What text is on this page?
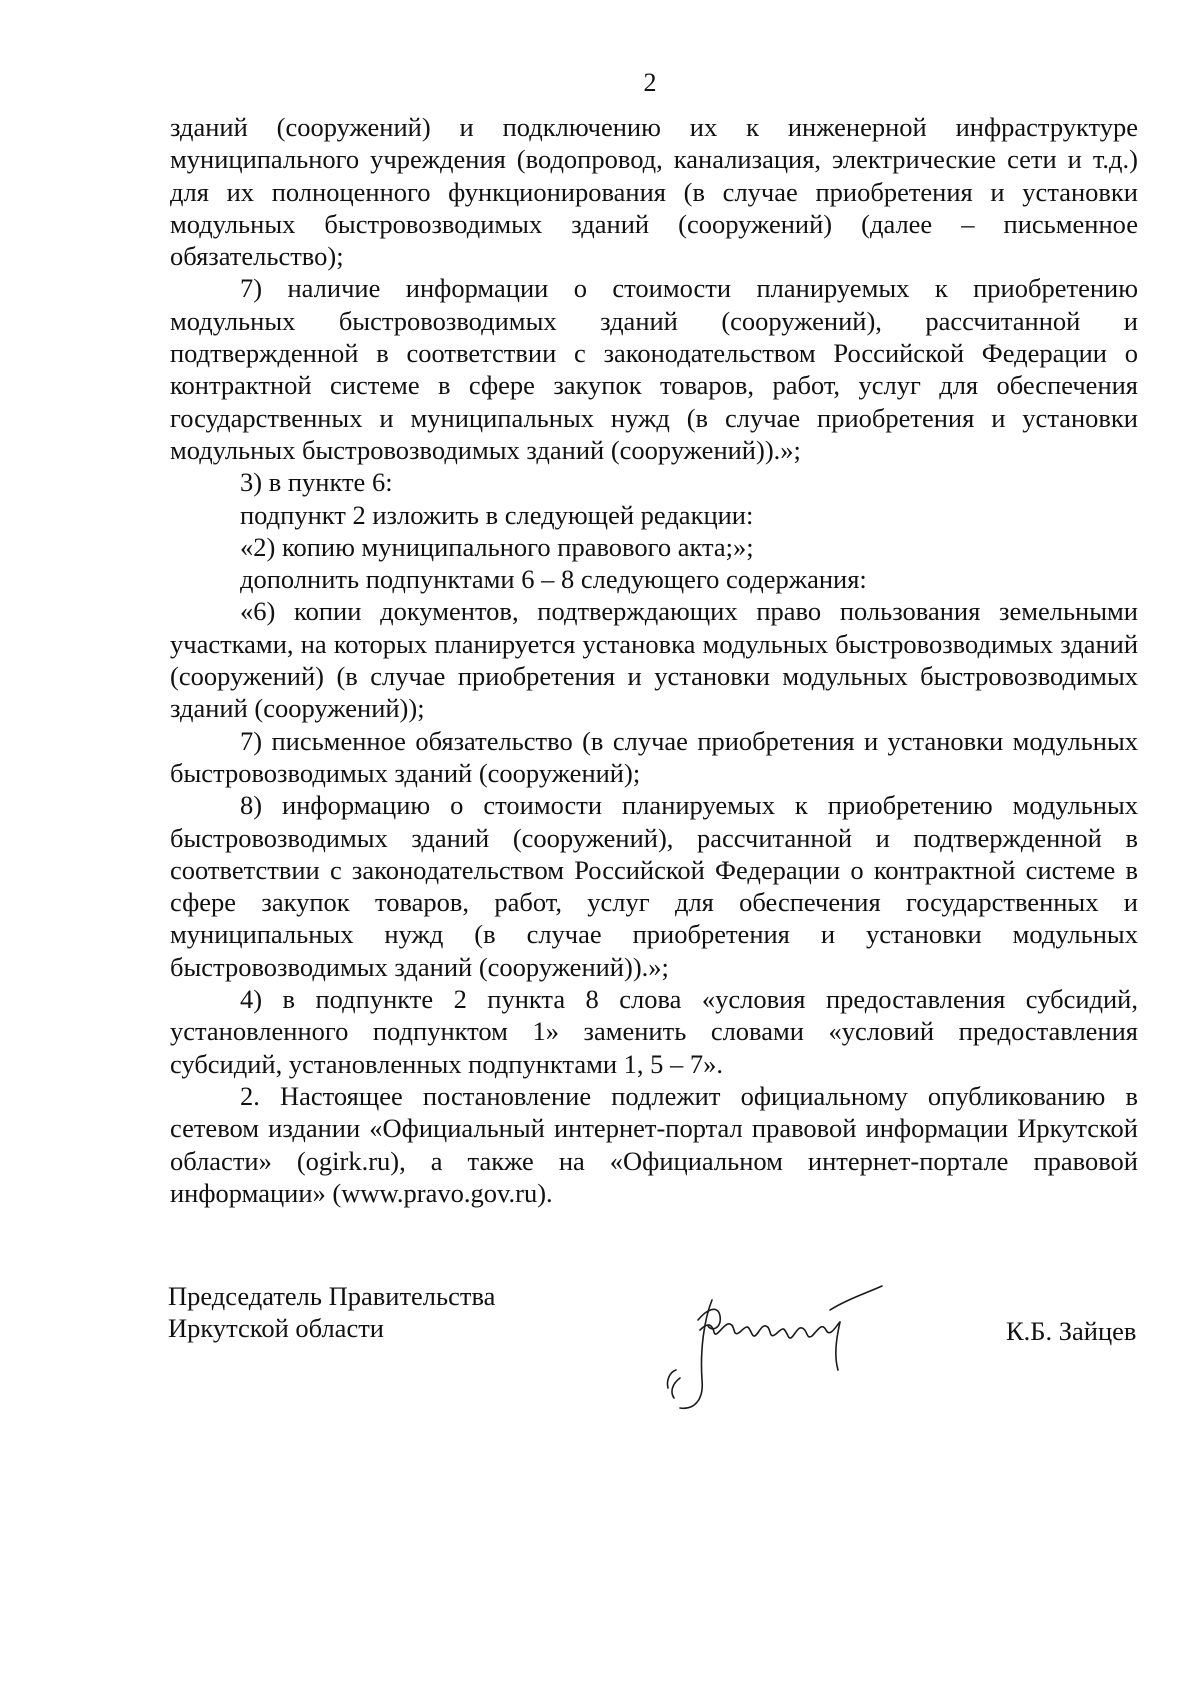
2

зданий (сооружений) и подключению их к инженерной инфраструктуре муниципального учреждения (водопровод, канализация, электрические сети и т.д.) для их полноценного функционирования (в случае приобретения и установки модульных быстровозводимых зданий (сооружений) (далее – письменное обязательство);

7) наличие информации о стоимости планируемых к приобретению модульных быстровозводимых зданий (сооружений), рассчитанной и подтвержденной в соответствии с законодательством Российской Федерации о контрактной системе в сфере закупок товаров, работ, услуг для обеспечения государственных и муниципальных нужд (в случае приобретения и установки модульных быстровозводимых зданий (сооружений)).»;

3) в пункте 6:

подпункт 2 изложить в следующей редакции:

«2) копию муниципального правового акта;»;

дополнить подпунктами 6 – 8 следующего содержания:

«6) копии документов, подтверждающих право пользования земельными участками, на которых планируется установка модульных быстровозводимых зданий (сооружений) (в случае приобретения и установки модульных быстровозводимых зданий (сооружений));

7) письменное обязательство (в случае приобретения и установки модульных быстровозводимых зданий (сооружений);

8) информацию о стоимости планируемых к приобретению модульных быстровозводимых зданий (сооружений), рассчитанной и подтвержденной в соответствии с законодательством Российской Федерации о контрактной системе в сфере закупок товаров, работ, услуг для обеспечения государственных и муниципальных нужд (в случае приобретения и установки модульных быстровозводимых зданий (сооружений)).»;

4) в подпункте 2 пункта 8 слова «условия предоставления субсидий, установленного подпунктом 1» заменить словами «условий предоставления субсидий, установленных подпунктами 1, 5 – 7».

2. Настоящее постановление подлежит официальному опубликованию в сетевом издании «Официальный интернет-портал правовой информации Иркутской области» (ogirk.ru), а также на «Официальном интернет-портале правовой информации» (www.pravo.gov.ru).

Председатель Правительства
Иркутской области	К.Б. Зайцев
